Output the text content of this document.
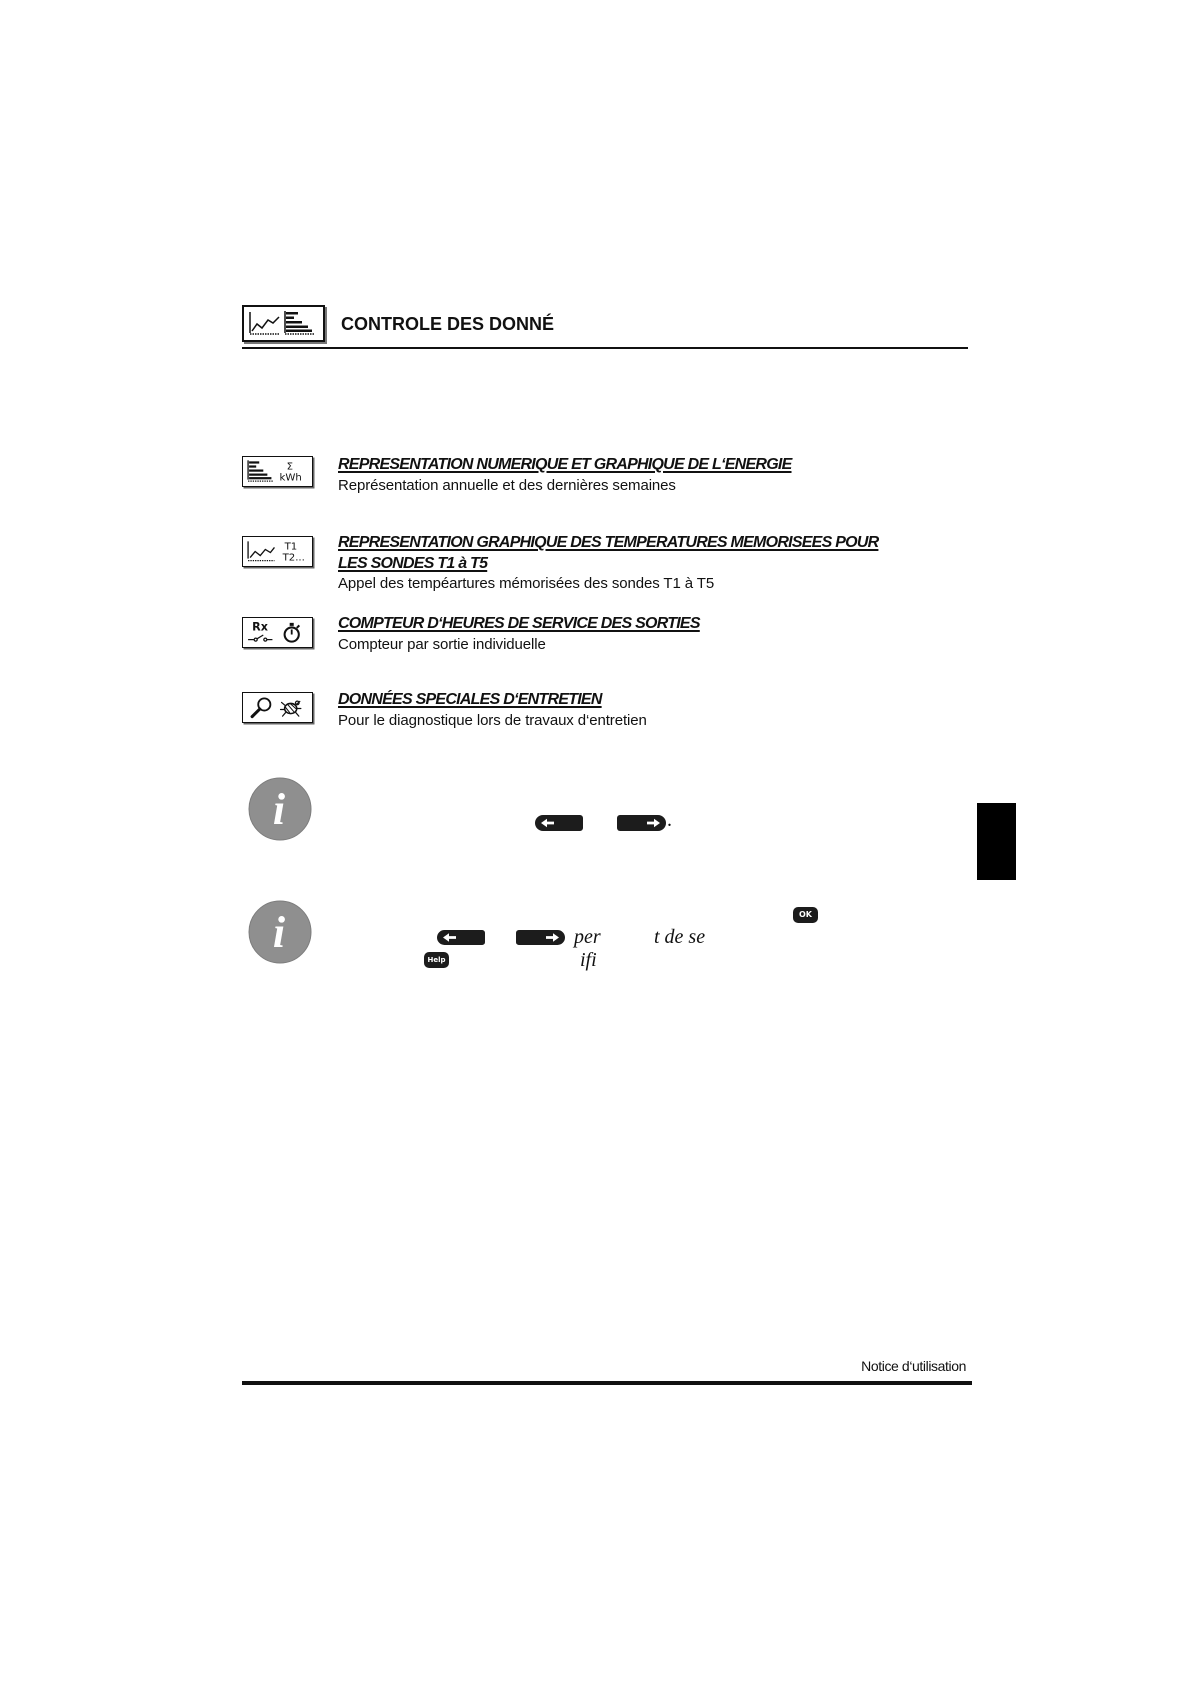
CONTROLE DES DONNÉ
Σ
kWh
REPRESENTATION NUMERIQUE ET GRAPHIQUE DE L‘ENERGIE
Représentation annuelle et des dernières semaines
T1
T2...
REPRESENTATION GRAPHIQUE DES TEMPERATURES MEMORISEES POUR
LES SONDES T1 à T5
Appel des tempéartures mémorisées des sondes T1 à T5
Rx	COMPTEUR D‘HEURES DE SERVICE DES SORTIES
Compteur par sortie individuelle
DONNÉES SPECIALES D‘ENTRETIEN
Pour le diagnostique lors de travaux d‘entretien
i	.
i	OK
per	t de se
Help	ifi
Notice d‘utilisation
